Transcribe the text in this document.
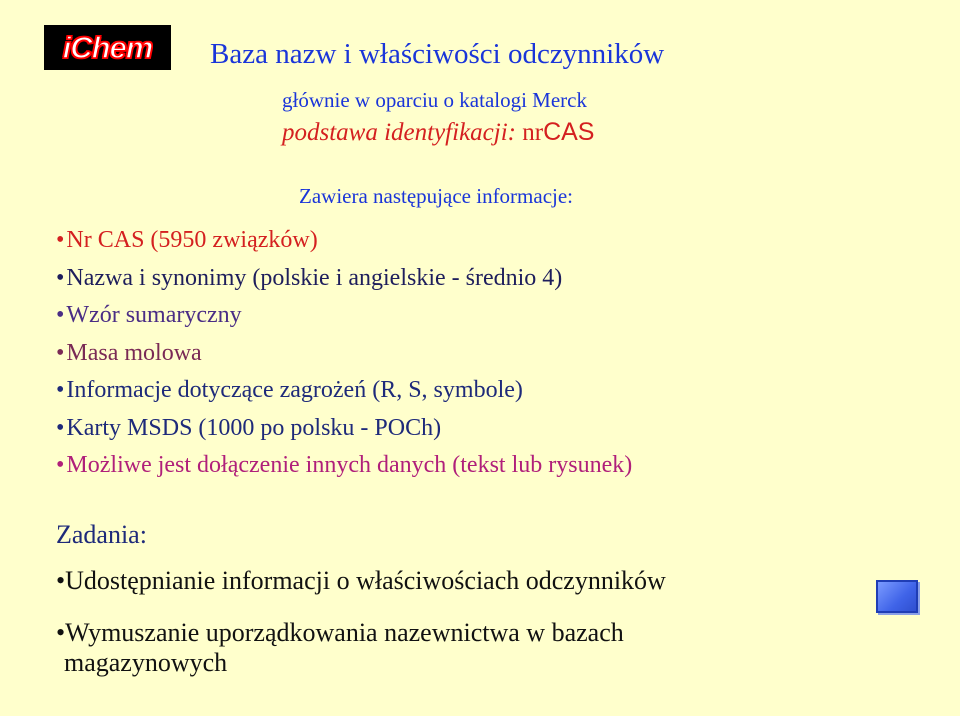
iChem	Baza nazw i właściwości odczynników
głównie w oparciu o katalogi Merck
podstawa identyfikacji: nrCAS
Zawiera następujące informacje:
•Nr CAS (5950 związków)
•Nazwa i synonimy (polskie i angielskie - średnio 4)
•Wzór sumaryczny
•Masa molowa
•Informacje dotyczące zagrożeń (R, S, symbole)
•Karty MSDS (1000 po polsku - POCh)
•Możliwe jest dołączenie innych danych (tekst lub rysunek)
Zadania:
•Udostępnianie informacji o właściwościach odczynników
•Wymuszanie uporządkowania nazewnictwa w bazach
magazynowych
